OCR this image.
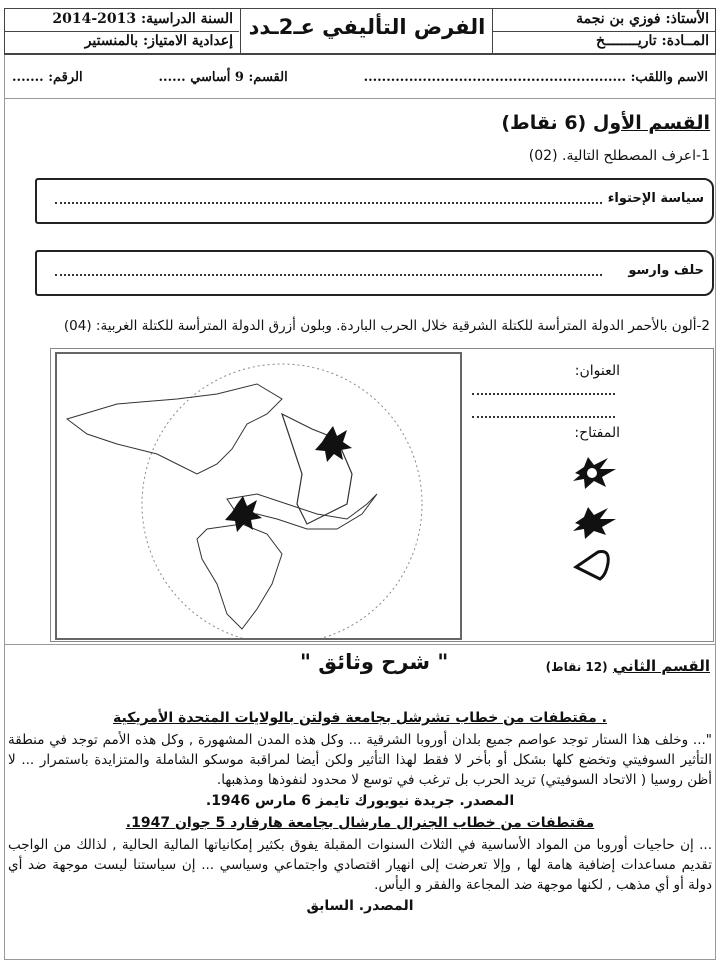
الأستاذ: فوزي بن نجمة
المــادة: تاريــــــــخ
الفرض التأليفي عـ2ـدد
السنة الدراسية: 2013-2014
إعدادية الامتياز: بالمنستير
الاسم واللقب: ..........................................................
القسم: 9 أساسي ......
الرقم: .......
القسم الأول (6 نقاط)
1-اعرف المصطلح التالية. (02)
سياسة الإحتواء
حلف وارسو
2-ألون بالأحمر الدولة المترأسة للكتلة الشرقية خلال الحرب الباردة. وبلون أزرق الدولة المترأسة للكتلة الغربية: (04)
العنوان:
المفتاح:
القسم الثاني (12 نقاط)
" شرح وثائق "
. مقتطفات من خطاب تشرشل بجامعة فولتن بالولايات المتحدة الأمريكية
"... وخلف هذا الستار توجد عواصم جميع بلدان أوروبا الشرقية ... وكل هذه المدن المشهورة , وكل هذه الأمم توجد في منطقة التأثير السوفيتي وتخضع كلها بشكل أو بأخر لا فقط لهذا التأثير ولكن أيضا لمراقبة موسكو الشاملة والمتزايدة باستمرار ... لا أظن روسيا ( الاتحاد السوفيتي) تريد الحرب بل ترغب في توسع لا محدود لنفوذها ومذهبها.
المصدر. جريدة نيويورك تايمز 6 مارس 1946.
مقتطفات من خطاب الجنرال مارشال بجامعة هارفارد 5 جوان 1947.
... إن حاجيات أوروبا من المواد الأساسية في الثلاث السنوات المقبلة يفوق بكثير إمكانياتها المالية الحالية , لذالك من الواجب تقديم مساعدات إضافية هامة لها , وإلا تعرضت إلى انهيار اقتصادي واجتماعي وسياسي ... إن سياستنا ليست موجهة ضد أي دولة أو أي مذهب , لكنها موجهة ضد المجاعة والفقر و اليأس.
المصدر. السابق
